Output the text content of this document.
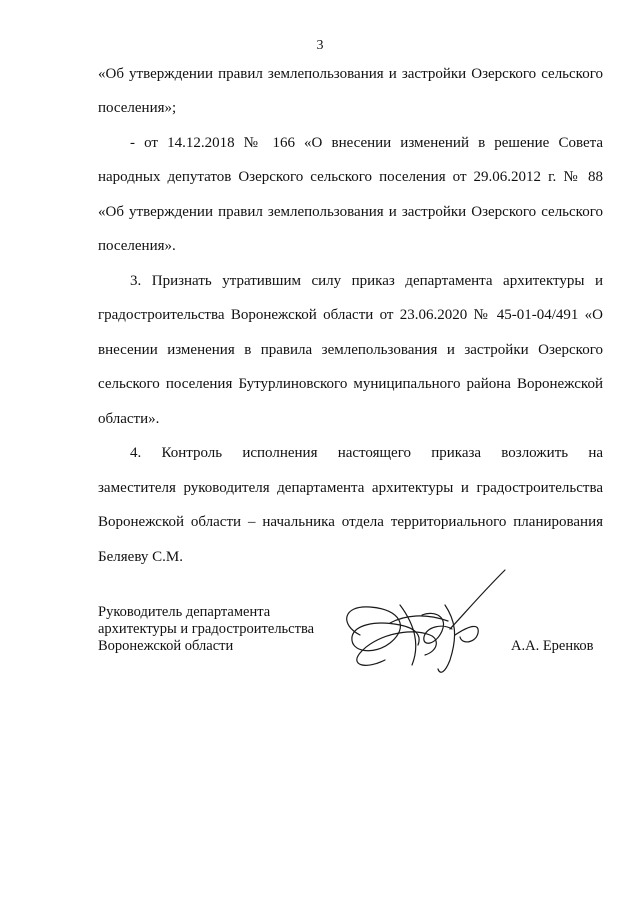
3
«Об утверждении правил землепользования и застройки Озерского сельского
поселения»;
- от 14.12.2018 № 166 «О внесении изменений в решение Совета
народных депутатов Озерского сельского поселения от 29.06.2012 г. № 88
«Об утверждении правил землепользования и застройки Озерского сельского
поселения».
3. Признать утратившим силу приказ департамента архитектуры и
градостроительства Воронежской области от 23.06.2020 № 45-01-04/491 «О
внесении изменения в правила землепользования и застройки Озерского
сельского поселения Бутурлиновского муниципального района Воронежской
области».
4. Контроль исполнения настоящего приказа возложить на
заместителя руководителя департамента архитектуры и градостроительства
Воронежской области – начальника отдела территориального планирования
Беляеву С.М.
Руководитель департамента
архитектуры и градостроительства
Воронежской области	А.А. Еренков
